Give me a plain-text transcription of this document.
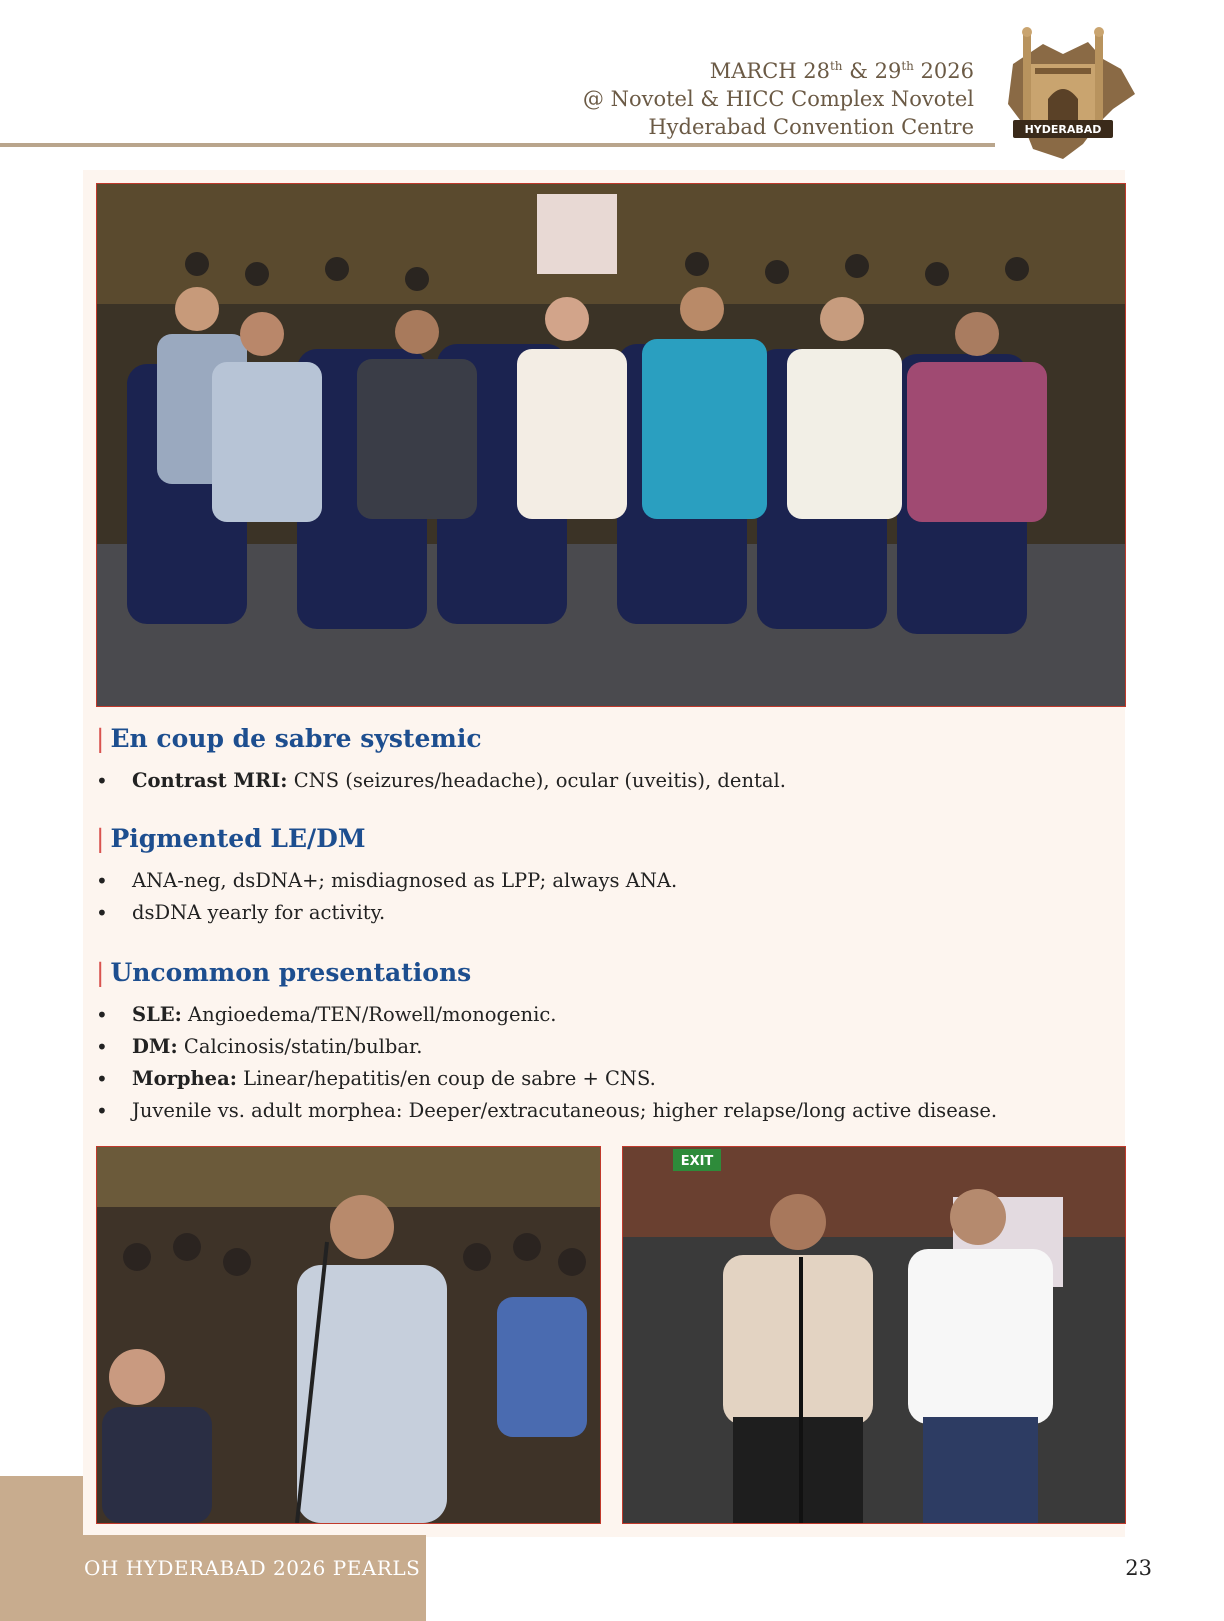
MARCH 28th & 29th 2026
@ Novotel & HICC Complex Novotel
Hyderabad Convention Centre	HYDERABAD
| En coup de sabre systemic
• Contrast MRI: CNS (seizures/headache), ocular (uveitis), dental.
| Pigmented LE/DM
• ANA-neg, dsDNA+; misdiagnosed as LPP; always ANA.
• dsDNA yearly for activity.
| Uncommon presentations
• SLE: Angioedema/TEN/Rowell/monogenic.
• DM: Calcinosis/statin/bulbar.
• Morphea: Linear/hepatitis/en coup de sabre + CNS.
• Juvenile vs. adult morphea: Deeper/extracutaneous; higher relapse/long active disease.
EXIT
OH HYDERABAD 2026 PEARLS	23
